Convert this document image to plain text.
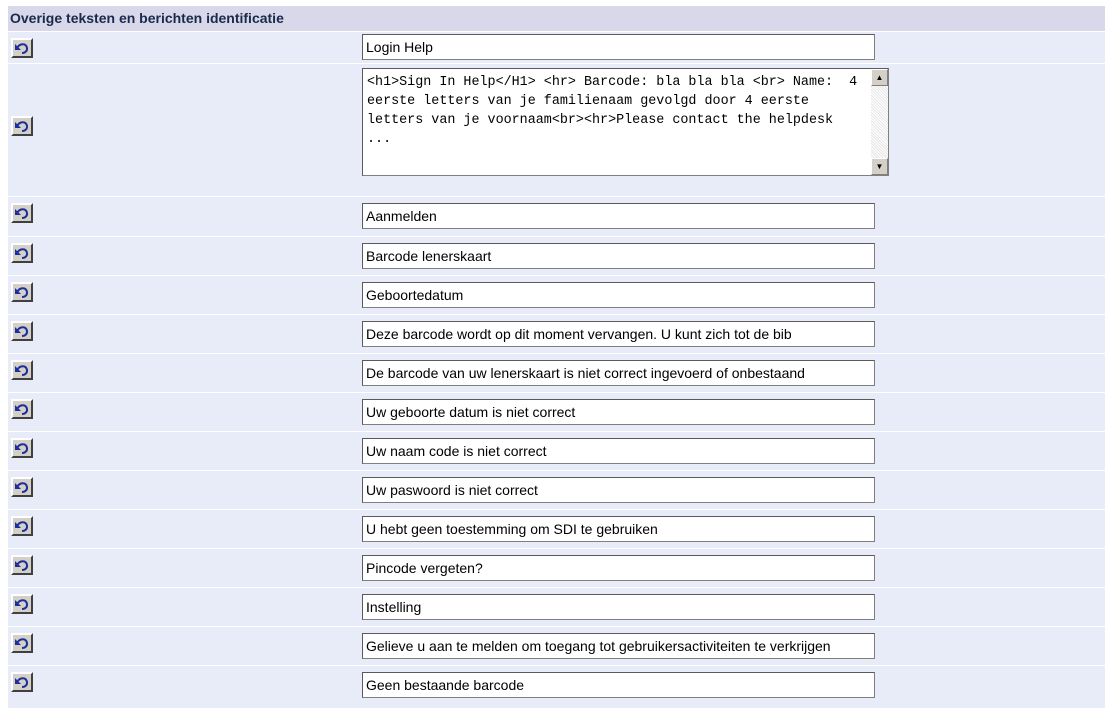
Overige teksten en berichten identificatie
Login Help
<h1>Sign In Help</H1> <hr> Barcode: bla bla bla <br> Name:  4 eerste letters van je familienaam gevolgd door 4 eerste letters van je voornaam<br><hr>Please contact the helpdesk ...
▲
▼
Aanmelden
Barcode lenerskaart
Geboortedatum
Deze barcode wordt op dit moment vervangen. U kunt zich tot de bib
De barcode van uw lenerskaart is niet correct ingevoerd of onbestaand
Uw geboorte datum is niet correct
Uw naam code is niet correct
Uw paswoord is niet correct
U hebt geen toestemming om SDI te gebruiken
Pincode vergeten?
Instelling
Gelieve u aan te melden om toegang tot gebruikersactiviteiten te verkrijgen
Geen bestaande barcode
